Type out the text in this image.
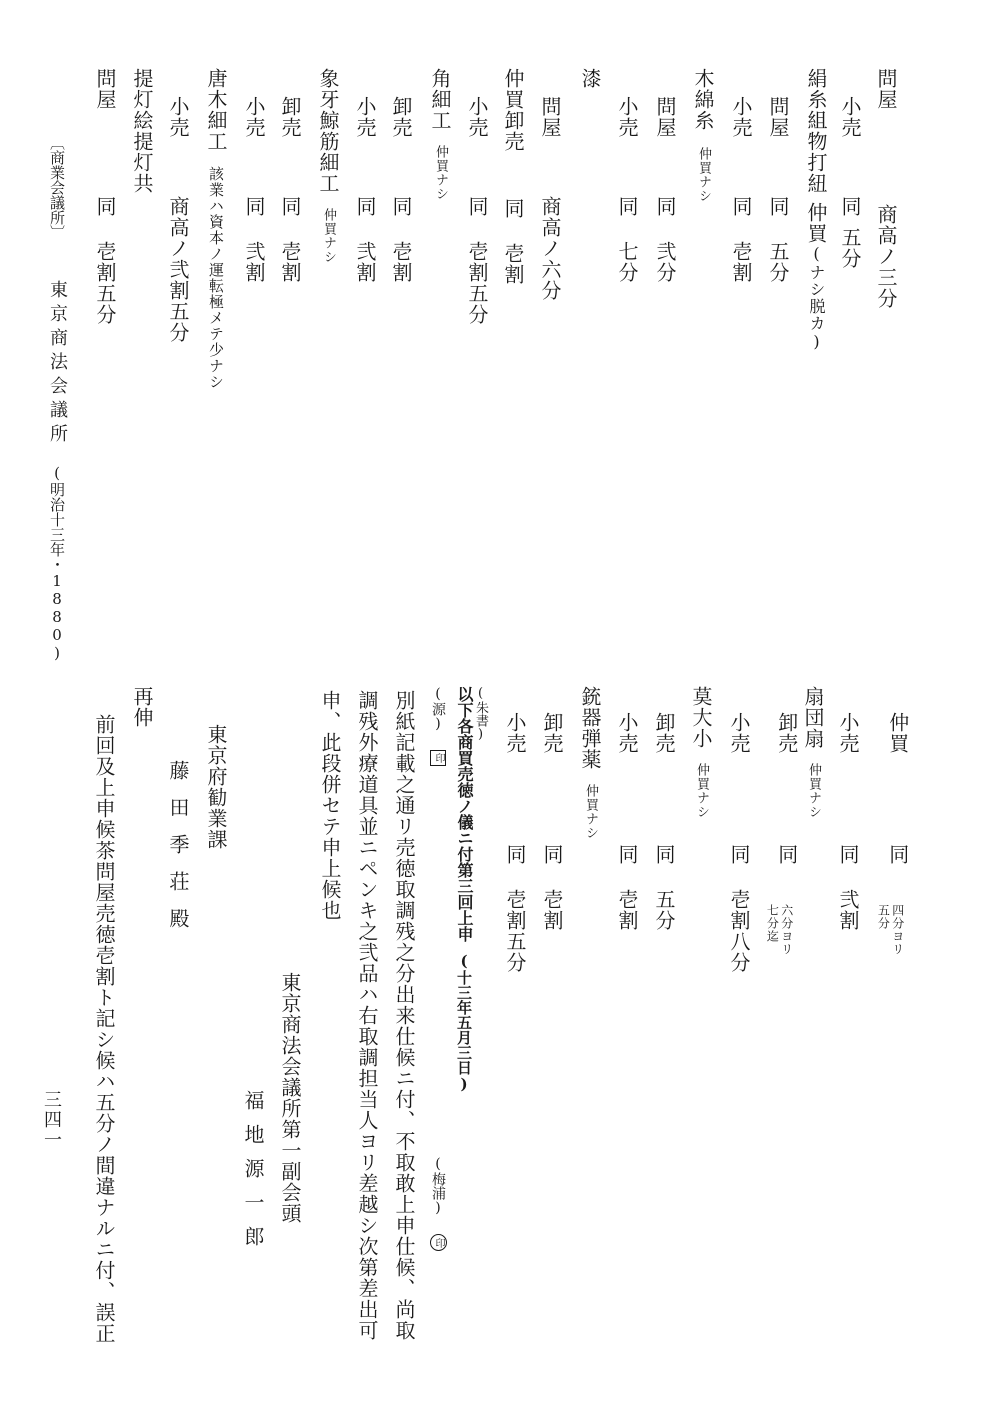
問屋商高ノ三分
小売同五分
絹糸組物打紐仲買(ナシ脱カ)
問屋同五分
小売同壱割
木綿糸仲買ナシ
問屋同弐分
小売同七分
漆
問屋商高ノ六分
仲買卸売同壱割
小売同壱割五分
角細工仲買ナシ
卸売同壱割
小売同弐割
象牙鯨筋細工仲買ナシ
卸売同壱割
小売同弐割
唐木細工該業ハ資本ノ運転極メテ少ナシ
小売商高ノ弐割五分
提灯絵提灯共
問屋同壱割五分
〔商業会議所〕東京商法会議所(明治十三年・1880)
仲買同
四分ヨリ
五分
小売同弐割
扇団扇仲買ナシ
卸売同
六分ヨリ
七分迄
小売同壱割八分
莫大小仲買ナシ
卸売同五分
小売同壱割
銃器弾薬仲買ナシ
卸売同壱割
小売同壱割五分
(朱書)
以下各商買売徳ノ儀ニ付第三回上申(十三年五月三日)
(源) 印
(梅浦) 印
別紙記載之通リ売徳取調残之分出来仕候ニ付、不取敢上申仕候、尚取
調残外療道具並ニペンキ之弐品ハ右取調担当人ヨリ差越シ次第差出可
申、此段併セテ申上候也
東京商法会議所第一副会頭
福地源一郎
東京府勧業課
藤田季荘殿
再伸
前回及上申候茶問屋売徳壱割ト記シ候ハ五分ノ間違ナルニ付、誤正
三四一
